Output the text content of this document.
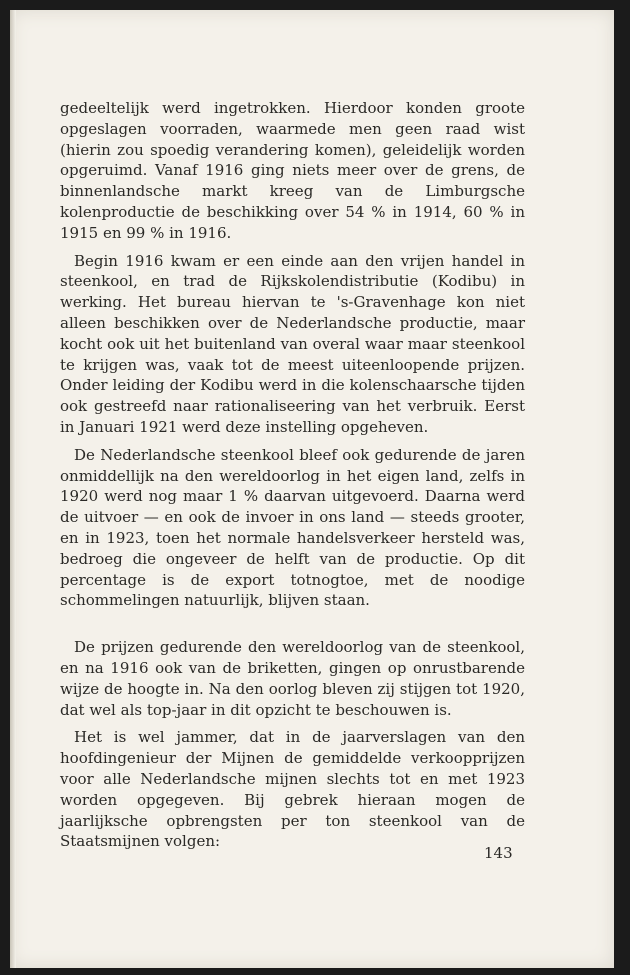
gedeeltelijk werd ingetrokken. Hierdoor konden groote opgeslagen voorraden, waarmede men geen raad wist (hierin zou spoedig verandering komen), geleidelijk worden opgeruimd. Vanaf 1916 ging niets meer over de grens, de binnenlandsche markt kreeg van de Limburgsche kolenproductie de beschikking over 54 % in 1914, 60 % in 1915 en 99 % in 1916.

Begin 1916 kwam er een einde aan den vrijen handel in steenkool, en trad de Rijkskolendistributie (Kodibu) in werking. Het bureau hiervan te 's-Gravenhage kon niet alleen beschikken over de Nederlandsche productie, maar kocht ook uit het buitenland van overal waar maar steenkool te krijgen was, vaak tot de meest uiteenloopende prijzen. Onder leiding der Kodibu werd in die kolenschaarsche tijden ook gestreefd naar rationaliseering van het verbruik. Eerst in Januari 1921 werd deze instelling opgeheven.

De Nederlandsche steenkool bleef ook gedurende de jaren onmiddellijk na den wereldoorlog in het eigen land, zelfs in 1920 werd nog maar 1 % daarvan uitgevoerd. Daarna werd de uitvoer — en ook de invoer in ons land — steeds grooter, en in 1923, toen het normale handelsverkeer hersteld was, bedroeg die ongeveer de helft van de productie. Op dit percentage is de export totnogtoe, met de noodige schommelingen natuurlijk, blijven staan.

De prijzen gedurende den wereldoorlog van de steenkool, en na 1916 ook van de briketten, gingen op onrustbarende wijze de hoogte in. Na den oorlog bleven zij stijgen tot 1920, dat wel als top-jaar in dit opzicht te beschouwen is.

Het is wel jammer, dat in de jaarverslagen van den hoofdingenieur der Mijnen de gemiddelde verkoopprijzen voor alle Nederlandsche mijnen slechts tot en met 1923 worden opgegeven. Bij gebrek hieraan mogen de jaarlijksche opbrengsten per ton steenkool van de Staatsmijnen volgen:

143
